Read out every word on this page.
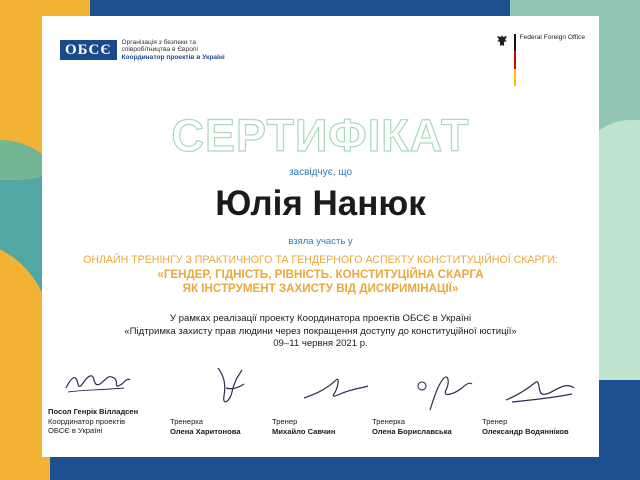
ОБСЄ	Організація з безпеки та
співробітництва в Європі
Координатор проектів в Україні
Federal Foreign Office
СЕРТИФІКАТ
засвідчує, що
Юлія Нанюк
взяла участь у
ОНЛАЙН ТРЕНІНГУ З ПРАКТИЧНОГО ТА ГЕНДЕРНОГО АСПЕКТУ КОНСТИТУЦІЙНОЇ СКАРГИ:
«ГЕНДЕР, ГІДНІСТЬ, РІВНІСТЬ. КОНСТИТУЦІЙНА СКАРГА
ЯК ІНСТРУМЕНТ ЗАХИСТУ ВІД ДИСКРИМІНАЦІЇ»
У рамках реалізації проекту Координатора проектів ОБСЄ в Україні
«Підтримка захисту прав людини через покращення доступу до конституційної юстиції»
09–11 червня 2021 р.
Посол Генрік Вілладсен
Координатор проектів
ОБСЄ в Україні
Тренерка
Олена Харитонова
Тренер
Михайло Савчин
Тренерка
Олена Бориславська
Тренер
Олександр Водянніков
